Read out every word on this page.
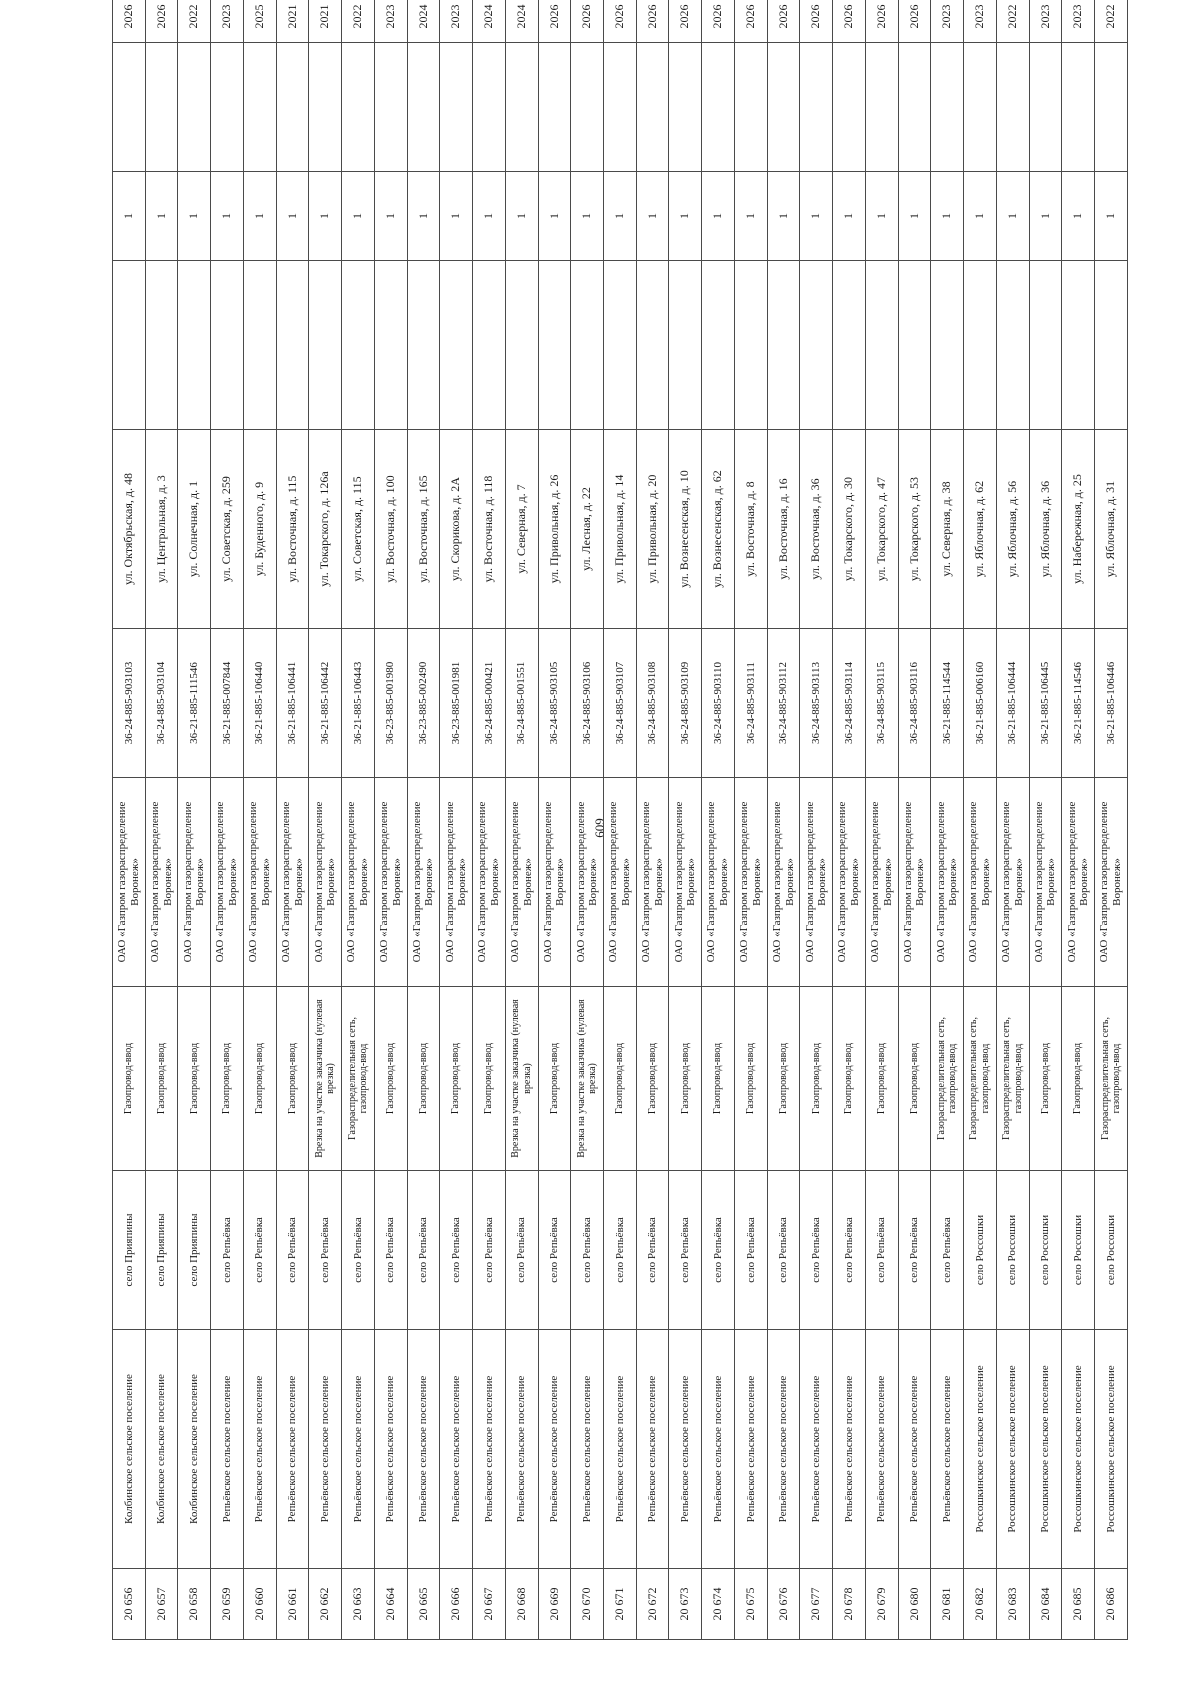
609
20 656	Колбинское сельское поселение	село Прияпины	Газопровод-ввод	ОАО «Газпром газораспределение Воронеж»	36-24-885-903103	ул. Октябрьская, д. 48		1		2026	
20 657	Колбинское сельское поселение	село Прияпины	Газопровод-ввод	ОАО «Газпром газораспределение Воронеж»	36-24-885-903104	ул. Центральная, д. 3		1		2026	
20 658	Колбинское сельское поселение	село Прияпины	Газопровод-ввод	ОАО «Газпром газораспределение Воронеж»	36-21-885-111546	ул. Солнечная, д. 1		1		2022	
20 659	Репьёвское сельское поселение	село Репьёвка	Газопровод-ввод	ОАО «Газпром газораспределение Воронеж»	36-21-885-007844	ул. Советская, д. 259		1		2023	
20 660	Репьёвское сельское поселение	село Репьёвка	Газопровод-ввод	ОАО «Газпром газораспределение Воронеж»	36-21-885-106440	ул. Буденного, д. 9		1		2025	
20 661	Репьёвское сельское поселение	село Репьёвка	Газопровод-ввод	ОАО «Газпром газораспределение Воронеж»	36-21-885-106441	ул. Восточная, д. 115		1		2021	
20 662	Репьёвское сельское поселение	село Репьёвка	Врезка на участке заказчика (нулевая врезка)	ОАО «Газпром газораспределение Воронеж»	36-21-885-106442	ул. Токарского, д. 126а		1		2021	
20 663	Репьёвское сельское поселение	село Репьёвка	Газораспределительная сеть, газопровод-ввод	ОАО «Газпром газораспределение Воронеж»	36-21-885-106443	ул. Советская, д. 115		1		2022	
20 664	Репьёвское сельское поселение	село Репьёвка	Газопровод-ввод	ОАО «Газпром газораспределение Воронеж»	36-23-885-001980	ул. Восточная, д. 100		1		2023	
20 665	Репьёвское сельское поселение	село Репьёвка	Газопровод-ввод	ОАО «Газпром газораспределение Воронеж»	36-23-885-002490	ул. Восточная, д. 165		1		2024	
20 666	Репьёвское сельское поселение	село Репьёвка	Газопровод-ввод	ОАО «Газпром газораспределение Воронеж»	36-23-885-001981	ул. Скорикова, д. 2А		1		2023	
20 667	Репьёвское сельское поселение	село Репьёвка	Газопровод-ввод	ОАО «Газпром газораспределение Воронеж»	36-24-885-000421	ул. Восточная, д. 118		1		2024	
20 668	Репьёвское сельское поселение	село Репьёвка	Врезка на участке заказчика (нулевая врезка)	ОАО «Газпром газораспределение Воронеж»	36-24-885-001551	ул. Северная, д. 7		1		2024	
20 669	Репьёвское сельское поселение	село Репьёвка	Газопровод-ввод	ОАО «Газпром газораспределение Воронеж»	36-24-885-903105	ул. Привольная, д. 26		1		2026	
20 670	Репьёвское сельское поселение	село Репьёвка	Врезка на участке заказчика (нулевая врезка)	ОАО «Газпром газораспределение Воронеж»	36-24-885-903106	ул. Лесная, д. 22		1		2026	
20 671	Репьёвское сельское поселение	село Репьёвка	Газопровод-ввод	ОАО «Газпром газораспределение Воронеж»	36-24-885-903107	ул. Привольная, д. 14		1		2026	
20 672	Репьёвское сельское поселение	село Репьёвка	Газопровод-ввод	ОАО «Газпром газораспределение Воронеж»	36-24-885-903108	ул. Привольная, д. 20		1		2026	
20 673	Репьёвское сельское поселение	село Репьёвка	Газопровод-ввод	ОАО «Газпром газораспределение Воронеж»	36-24-885-903109	ул. Вознесенская, д. 10		1		2026	
20 674	Репьёвское сельское поселение	село Репьёвка	Газопровод-ввод	ОАО «Газпром газораспределение Воронеж»	36-24-885-903110	ул. Вознесенская, д. 62		1		2026	
20 675	Репьёвское сельское поселение	село Репьёвка	Газопровод-ввод	ОАО «Газпром газораспределение Воронеж»	36-24-885-903111	ул. Восточная, д. 8		1		2026	
20 676	Репьёвское сельское поселение	село Репьёвка	Газопровод-ввод	ОАО «Газпром газораспределение Воронеж»	36-24-885-903112	ул. Восточная, д. 16		1		2026	
20 677	Репьёвское сельское поселение	село Репьёвка	Газопровод-ввод	ОАО «Газпром газораспределение Воронеж»	36-24-885-903113	ул. Восточная, д. 36		1		2026	
20 678	Репьёвское сельское поселение	село Репьёвка	Газопровод-ввод	ОАО «Газпром газораспределение Воронеж»	36-24-885-903114	ул. Токарского, д. 30		1		2026	
20 679	Репьёвское сельское поселение	село Репьёвка	Газопровод-ввод	ОАО «Газпром газораспределение Воронеж»	36-24-885-903115	ул. Токарского, д. 47		1		2026	
20 680	Репьёвское сельское поселение	село Репьёвка	Газопровод-ввод	ОАО «Газпром газораспределение Воронеж»	36-24-885-903116	ул. Токарского, д. 53		1		2026	
20 681	Репьёвское сельское поселение	село Репьёвка	Газораспределительная сеть, газопровод-ввод	ОАО «Газпром газораспределение Воронеж»	36-21-885-114544	ул. Северная, д. 38		1		2023	
20 682	Россошкинское сельское поселение	село Россошки	Газораспределительная сеть, газопровод-ввод	ОАО «Газпром газораспределение Воронеж»	36-21-885-006160	ул. Яблочная, д. 62		1		2023	
20 683	Россошкинское сельское поселение	село Россошки	Газораспределительная сеть, газопровод-ввод	ОАО «Газпром газораспределение Воронеж»	36-21-885-106444	ул. Яблочная, д. 56		1		2022	
20 684	Россошкинское сельское поселение	село Россошки	Газопровод-ввод	ОАО «Газпром газораспределение Воронеж»	36-21-885-106445	ул. Яблочная, д. 36		1		2023	
20 685	Россошкинское сельское поселение	село Россошки	Газопровод-ввод	ОАО «Газпром газораспределение Воронеж»	36-21-885-114546	ул. Набережная, д. 25		1		2023	
20 686	Россошкинское сельское поселение	село Россошки	Газораспределительная сеть, газопровод-ввод	ОАО «Газпром газораспределение Воронеж»	36-21-885-106446	ул. Яблочная, д. 31		1		2022	
